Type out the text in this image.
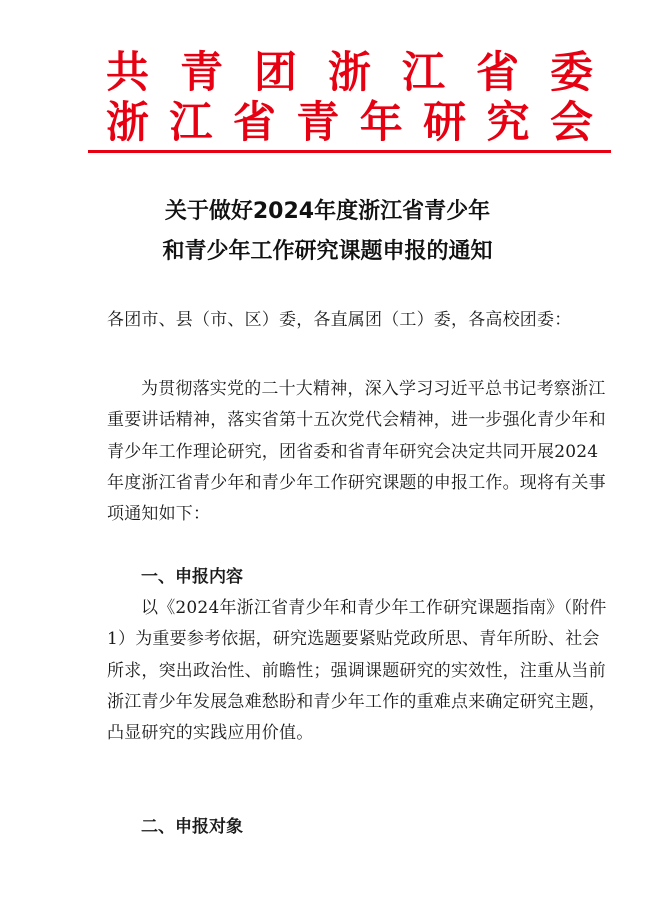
共 青 团 浙 江 省 委
浙 江 省 青 年 研 究 会
关于做好2024年度浙江省青少年
和青少年工作研究课题申报的通知

各团市、县（市、区）委，各直属团（工）委，各高校团委：

为贯彻落实党的二十大精神，深入学习习近平总书记考察浙江重要讲话精神，落实省第十五次党代会精神，进一步强化青少年和青少年工作理论研究，团省委和省青年研究会决定共同开展2024年度浙江省青少年和青少年工作研究课题的申报工作。现将有关事项通知如下：

一、申报内容

以《2024年浙江省青少年和青少年工作研究课题指南》（附件1）为重要参考依据，研究选题要紧贴党政所思、青年所盼、社会所求，突出政治性、前瞻性；强调课题研究的实效性，注重从当前浙江青少年发展急难愁盼和青少年工作的重难点来确定研究主题，凸显研究的实践应用价值。

二、申报对象
